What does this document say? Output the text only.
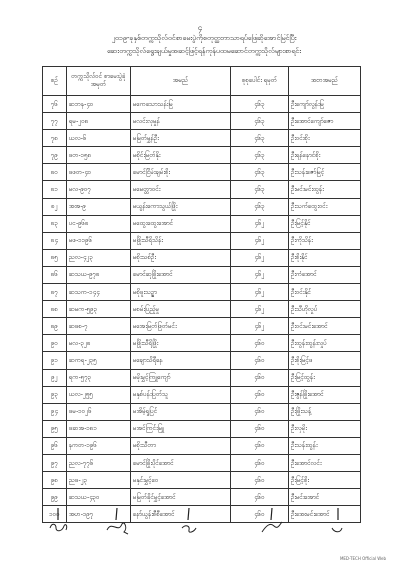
၄
၂၀၁၉-ခုနှစ်တက္ကသိုလ်ဝင်စာမေးပွဲကိုစတုတ္ထဘာသာရပ်ဖြေဆိုအောင်မြင်ပြီး
ဆေးတက္ကသိုလ်ရွေးချယ်မှုအဆင့်ဖြင့်ရန်ကုန်ပထမဆောင်တက္ကသိုလ်များစာရင်း
စဉ်	တက္ကသိုလ်ဝင် စာမေးပွဲခုံအမှတ်	အမည်	စုစုပေါင်း ရမှတ်	အဘအမည်
၇၆	ဆဘန-၄၀	မကေသောသန်းမြ	၄၆၃	ဦးကျော်လွန်းမြ
၇၇	ရမ-၂၀၈	မလင်းလှမှုန်	၄၆၃	ဦးအောင်ကျော်ဇော
၇၈	ယလ-၆	မမြတ်မွှန်ဦး	၄၆၃	ဦးဝင်းစိုး
၇၉	ဖတ-၁၅၈	မစိုင်းမြတ်နိုး	၄၆၃	ဦးရန်နောင်စိုး
၈၀	ဖဖတ-၄၀	မောင်ငြိမ်းချမ်းစိုး	၄၆၃	ဦးသန်းဇော်မြင့်
၈၁	မလ-၉၀၇	မမေတ္တာဝင်း	၄၆၃	ဦးမင်းမင်းထွန်း
၈၂	အအ-၉	မယွန်းကောသွယ်ဖြိုး	၄၆၃	ဦးသက်ထွေးဝင်း
၈၃	ပင-၉၆၈	မထွေးထွေးအောင်	၄၆၂	ဦးမြင့်နိုင်
၈၄	မဖ-၁၁၉၆	မဖြိုးသီရိသိန်း	၄၆၂	ဦးကိုသိန်း
၈၅	ညလ-၄၂၃	မစိုးသစ်ဦး	၄၆၂	ဦးစိုးနိုင်
၈၆	ဆသယ-၉၇၈	မောင်ဆုဖြိုးအောင်	၄၆၂	ဦးကံအောင်
၈၇	ဆသက-၁၄၄	မစိုဖူးသဉ္ဇာ	၄၆၂	ဦးဝင်းနိုင်
၈၈	ဆမက-၅၉၃	မစမ်းပြည့်မှု	၄၆၂	ဦးသီဟိုလှုပ်
၈၉	ဆဖစ-၇	မအေးမြတ်ဖြတ်မင်း	၄၆၂	ဦးဝင်းမင်းအောင်
၉၀	မလ-၃၂၈	မဖြိုးသီရိဖြိုး	၄၆၀	ဦးထွန်းထွန်းလှုပ်
၉၁	ဆကရ-၂၃၅	မချောသိရီနေ	၄၆၀	ဦးစိုးမြင့်ဖ
၉၂	ရက-၅၇၃	မမိုးမွှင့်ကြူကျော်	၄၆၀	ဦးမြင့်ထွန်း
၉၃	ယလ-၂၅၅	မနှစ်ပန်းပြတ်သူ	၄၆၀	ဦးဇွန်ဖြိုးအောင်
၉၄	ဖမ-၁၀၂၆	မအိမ့်ရှုပြင်	၄၆၀	ဦးဖြိုးသန့်
၉၅	ဖဆအ-၁၈၁	မအင်ကြင်းမြူ	၄၆၀	ဦးလှမိုး
၉၆	နကတ-၁၉၆	မစိုးသီတာ	၄၆၀	ဦးသန်းထွန်း
၉၇	ညလ-၇၇၆	မောင်ဖြိုးပိုင်အောင်	၄၆၀	ဦးအောင်လင်း
၉၈	ညဖ-၂၃	မနှင်းမွှင့်ဝေ	၄၆၀	ဦးမြင့်စိုး
၉၉	ဆသယ-၄၃၀	မမြတ်ခိုင်မွှင့်အောင်	၄၆၀	ဦးမင်းအောင်
၁၀၀	အဟ-၁၉၇	နော်ယွန်းစီစီအောင်	၄၆၀	ဦးအေးမင်းအောင်
MED-TECH Official Web
